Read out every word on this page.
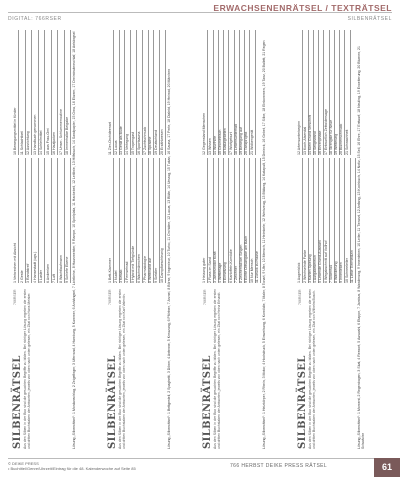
ERWACHSENENRÄTSEL / TEXTRÄTSEL
DIGITAL: 766RSER	SILBENRÄTSEL
SILBENRÄTSEL
766RSER Aus den Silben in der Box sind die gesuchten Begriffe zu bilden. Bei richtiger Lösung ergeben die ersten und dritten Buchstaben der Antworten, jeweils von oben nach unten gelesen, ein Zitat von Hans Meister.
1 Verbrechen mit Absicht 2 Geste 3 Randstreif 4 Hansestadt (ugs.) 5 Laster 6 Andenken 7 Luft 8 Wachtlaufmann 9 Schiefe Ebene
10 Bewegungsmittel in Kinder 11 Schlachtbeil 12 Ausrichtung 13 Handbuch genommen 14 Schleifmittel 15 aus Frau-Omi 16 Hautjucken 17 Unser- Schlummerroutine 18 Immerhalbe Beigabe Lösung „Silbenrätsel“: 1 Mordanschlag, 2 Zeigefinger, 3 Uferrand, 4 Hamburg, 5 Kummer, 6 Anhängsel, 7 Lichtbrise, 8 Hausmeister, 9 Rampe, 10 Spielplatz, 11 Hackebeil, 12 Leitlinie, 13 Hilfsbuch, 14 Sandpapier, 15 Oma, 16 Ekzem, 17 Dreiminutenschlaf, 18 Anhängsel	SILBENRÄTSEL
766RSER Aus den Silben in der Box sind die gesuchten Begriffe zu bilden. Bei richtiger Lösung ergeben die ersten und dritten Buchstaben der Antworten, jeweils von oben nach unten gelesen, ein Zitat von Karl Valentin.
1 Bett-Klammer 2 Nudel 3 Kebab 4 Fernsehrad 5 Hybrid mit Tiefgründe 6 Wachmännchen 7 Pharmakologie 8 Weltmarkt auf 9 Siebtler 10 Dampfbeschleunig
11 Zier-Orchideenart 12 Luxus 13 Gerät als Blüte 14 Verlegung 15 Tropengast 16 Sportsauna 17 Zuchtschmuck 18 Sprache 19 Deutschland 20 Erzählwesen Lösung „Silbenrätsel“: 1 Bettgestell, 2 Spaghetti, 3 Döner, 4 Antenne, 5 Kreuzung, 6 Pförtner, 7 Arznei, 8 Börse, 9 Ingenieur, 10 Turbo, 11 Orchidee, 12 Luxus, 13 Blüte, 14 Umzug, 15 Tukan, 16 Sauna, 17 Perle, 18 Dialekt, 19 Heimat, 20 Märchen	SILBENRÄTSEL
766RSER Aus den Silben in der Box sind die gesuchten Begriffe zu bilden. Bei richtiger Lösung ergeben die ersten und dritten Buchstaben der Antworten, jeweils von oben nach unten gelesen, ein Zitat von Heinz Erhardt.
1 Heizung guter 2 Fluss im Sand 3 Jahresmotor Kraft 4 Wetterlage 5 Einsetzung 6 Kartoffeln-Komödie 7 Zeichner 8 Zeichenfall bei Singen 9 Echte Ortsangabe am Bach 10 Nur Mensch 11 Zurück zu Hause
12 Gegenstand Menschen 13 Wissen 14 Wurfhilfe 15 Geometrisch 16 Naturgebeten 17 Wortgeburt 18 Lebensunterhalt 19 Bewegung auf 20 Tanzprojekt 21 Wolkengerät Lösung „Silbenrätsel“: 1 Heizkörper, 2 Rhein, 3 Motor, 4 Hochdruck, 5 Einweihung, 6 Komödie, 7 Maler, 8 Tonart, 9 Ufer, 10 Mensch, 11 Heimkehr, 12 Werkzeug, 13 Bildung, 14 Katapult, 15 Dreieck, 16 Gebet, 17 Silbe, 18 Einkommen, 19 Tanz, 20 Ballett, 21 Regen	SILBENRÄTSEL
766RSER Aus den Silben in der Box sind die gesuchten Begriffe zu bilden. Bei richtiger Lösung ergeben die ersten und dritten Buchstaben der Antworten, jeweils von oben nach unten gelesen, ein Zitat von Wilhelm Busch.
1 Augenblick 2 Wechselnde Farbe 3 Karten Spielung 4 Aufgabebereich 5 Lebende Grund-Auswahl 6 Wegabschnitt auf Vollhof 7 Silbenfuß 8 Wanderung 9 Innenleben 10 Schneeleiter 11 Liebe Tiermedizin
12 Artensunterbeginn 13 Koch-Alsendal 14 Klein Grund Verschrift 15 Seilgewand 16 Ehrenphase 17 Entwurflich Zeitwidersage 18 Strengste für Neue 19 Weiterung 20 Blumenschmuck 21 Schwachheit Lösung „Silbenrätsel“: 1 Moment, 2 Regenbogen, 3 Skat, 4 Ressort, 5 Auswahl, 6 Etappe, 7 Jambus, 8 Wanderung, 9 Innenleben, 10 Leiter, 11 Tierarzt, 12 Anfang, 13 Kochbuch, 14 Notiz, 15 Seil, 16 Ehre, 17 Entwurf, 18 Neuling, 19 Erweiterung, 20 Blumen, 21 Schwäche
© DEIKE PRESS
• Buchtitel/Genre/Uhrzeit/Eintrag für die 48. Kalenderwoche auf Seite 85	766 HERBST DEIKE PRESS RÄTSEL	61
